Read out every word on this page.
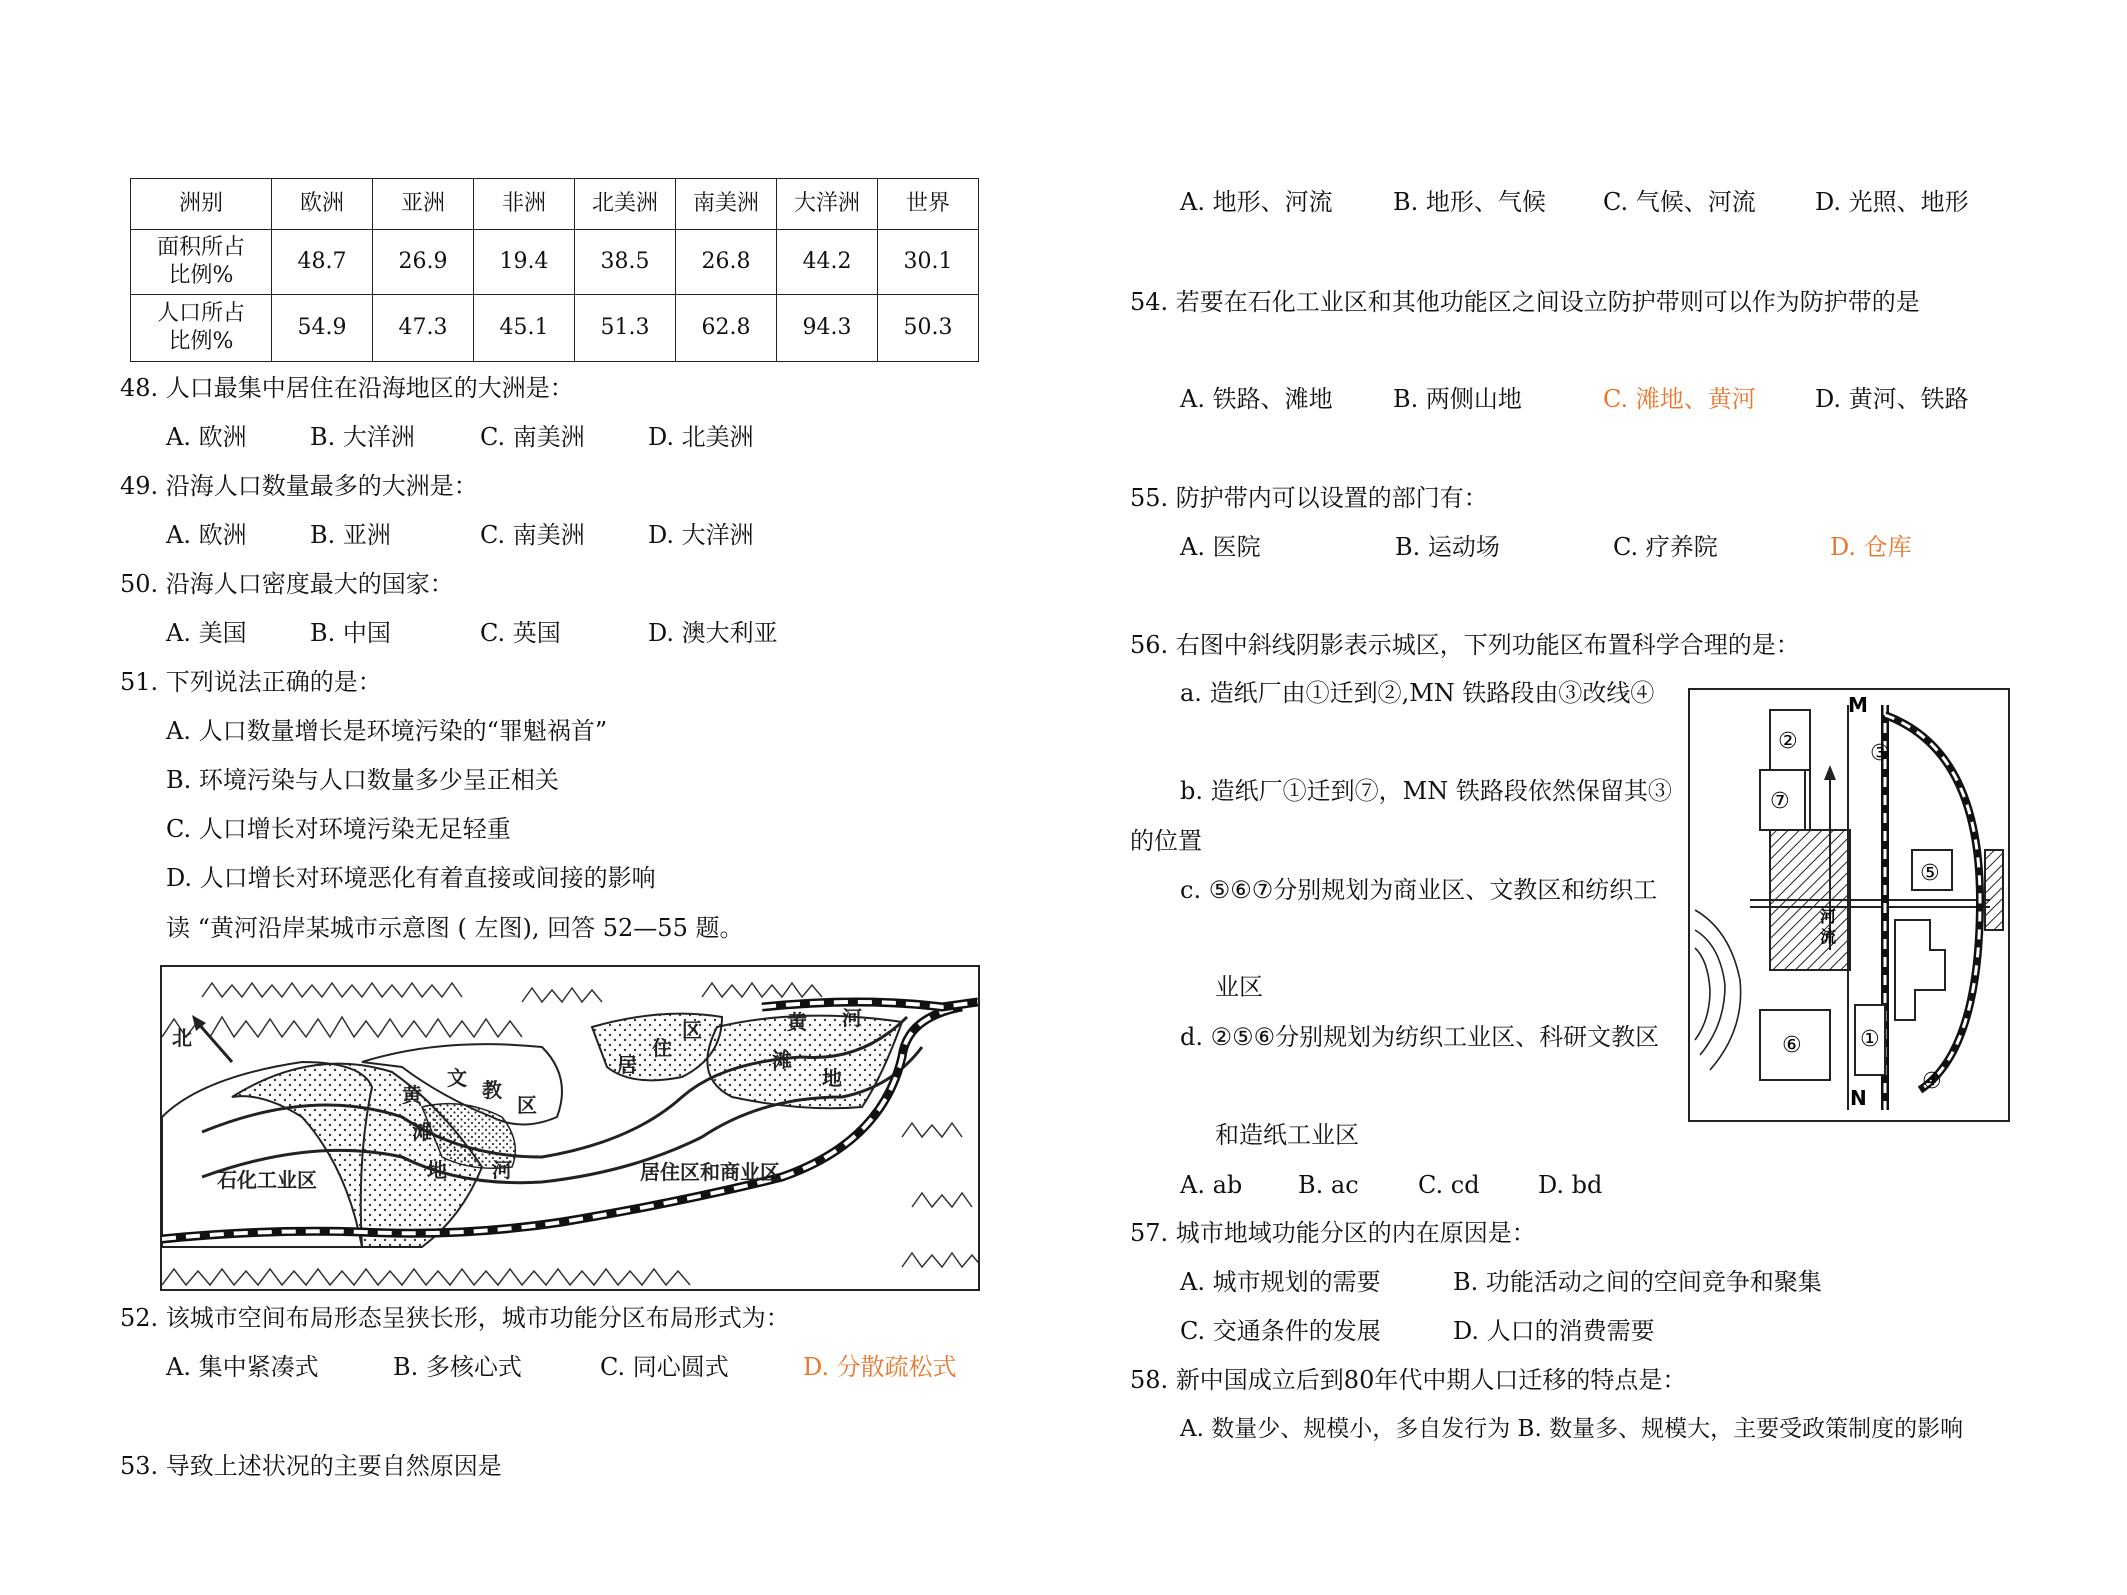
洲别	欧洲	亚洲	非洲	北美洲	南美洲	大洋洲	世界
面积所占
比例%	48.7	26.9	19.4	38.5	26.8	44.2	30.1
人口所占
比例%	54.9	47.3	45.1	51.3	62.8	94.3	50.3
48. 人口最集中居住在沿海地区的大洲是：
A. 欧洲	B. 大洋洲	C. 南美洲	D. 北美洲
49. 沿海人口数量最多的大洲是：
A. 欧洲	B. 亚洲	C. 南美洲	D. 大洋洲
50. 沿海人口密度最大的国家：
A. 美国	B. 中国	C. 英国	D. 澳大利亚
51. 下列说法正确的是：
A. 人口数量增长是环境污染的“罪魁祸首”
B. 环境污染与人口数量多少呈正相关
C. 人口增长对环境污染无足轻重
D. 人口增长对环境恶化有着直接或间接的影响
读 “黄河沿岸某城市示意图 ( 左图), 回答 52—55 题。
北
石化工业区
黄
滩
地
文 教
区
河
居
住
区	黄 河
滩
地
居住区和商业区
52. 该城市空间布局形态呈狭长形，城市功能分区布局形式为：
A. 集中紧凑式	B. 多核心式	C. 同心圆式	D. 分散疏松式
53. 导致上述状况的主要自然原因是
A. 地形、河流	B. 地形、气候 C. 气候、河流 D. 光照、地形
54. 若要在石化工业区和其他功能区之间设立防护带则可以作为防护带的是
A. 铁路、滩地	B. 两侧山地	C. 滩地、黄河 D. 黄河、铁路
55. 防护带内可以设置的部门有：
A. 医院	B. 运动场	C. 疗养院	D. 仓库
56. 右图中斜线阴影表示城区，下列功能区布置科学合理的是：
a. 造纸厂由①迁到②,MN 铁路段由③改线④
b. 造纸厂①迁到⑦，MN 铁路段依然保留其③
的位置
c. ⑤⑥⑦分别规划为商业区、文教区和纺织工
业区
d. ②⑤⑥分别规划为纺织工业区、科研文教区
和造纸工业区
A. ab B. ac C. cd D. bd
M
N
②	③
⑦
⑤
①
⑥
④
河
流
57. 城市地域功能分区的内在原因是：
A. 城市规划的需要	B. 功能活动之间的空间竞争和聚集
C. 交通条件的发展	D. 人口的消费需要
58. 新中国成立后到80年代中期人口迁移的特点是：
A. 数量少、规模小，多自发行为 B. 数量多、规模大，主要受政策制度的影响
